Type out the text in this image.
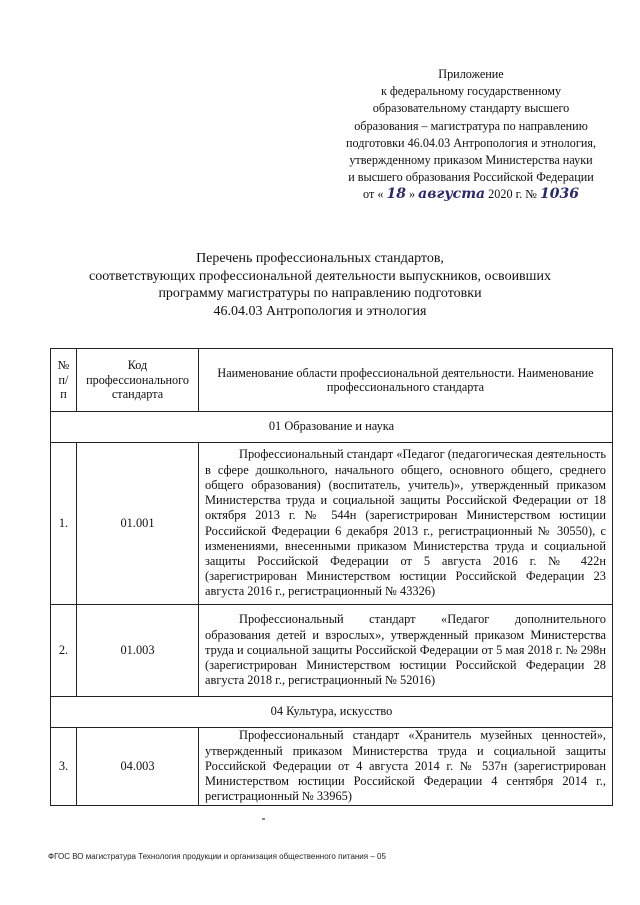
Приложение
к федеральному государственному
образовательному стандарту высшего
образования – магистратура по направлению
подготовки 46.04.03 Антропология и этнология,
утвержденному приказом Министерства науки
и высшего образования Российской Федерации
от « 18 » августа 2020 г. № 1036
Перечень профессиональных стандартов,
соответствующих профессиональной деятельности выпускников, освоивших
программу магистратуры по направлению подготовки
46.04.03 Антропология и этнология
№ п/п	Код профессионального стандарта	Наименование области профессиональной деятельности. Наименование профессионального стандарта
01 Образование и наука		
1.	01.001	Профессиональный стандарт «Педагог (педагогическая деятельность в сфере дошкольного, начального общего, основного общего, среднего общего образования) (воспитатель, учитель)», утвержденный приказом Министерства труда и социальной защиты Российской Федерации от 18 октября 2013 г. № 544н (зарегистрирован Министерством юстиции Российской Федерации 6 декабря 2013 г., регистрационный № 30550), с изменениями, внесенными приказом Министерства труда и социальной защиты Российской Федерации от 5 августа 2016 г. № 422н (зарегистрирован Министерством юстиции Российской Федерации 23 августа 2016 г., регистрационный № 43326)
2.	01.003	Профессиональный стандарт «Педагог дополнительного образования детей и взрослых», утвержденный приказом Министерства труда и социальной защиты Российской Федерации от 5 мая 2018 г. № 298н (зарегистрирован Министерством юстиции Российской Федерации 28 августа 2018 г., регистрационный № 52016)
04 Культура, искусство		
3.	04.003	Профессиональный стандарт «Хранитель музейных ценностей», утвержденный приказом Министерства труда и социальной защиты Российской Федерации от 4 августа 2014 г. № 537н (зарегистрирован Министерством юстиции Российской Федерации 4 сентября 2014 г., регистрационный № 33965)
ФГОС ВО магистратура Технология продукции и организация общественного питания – 05
